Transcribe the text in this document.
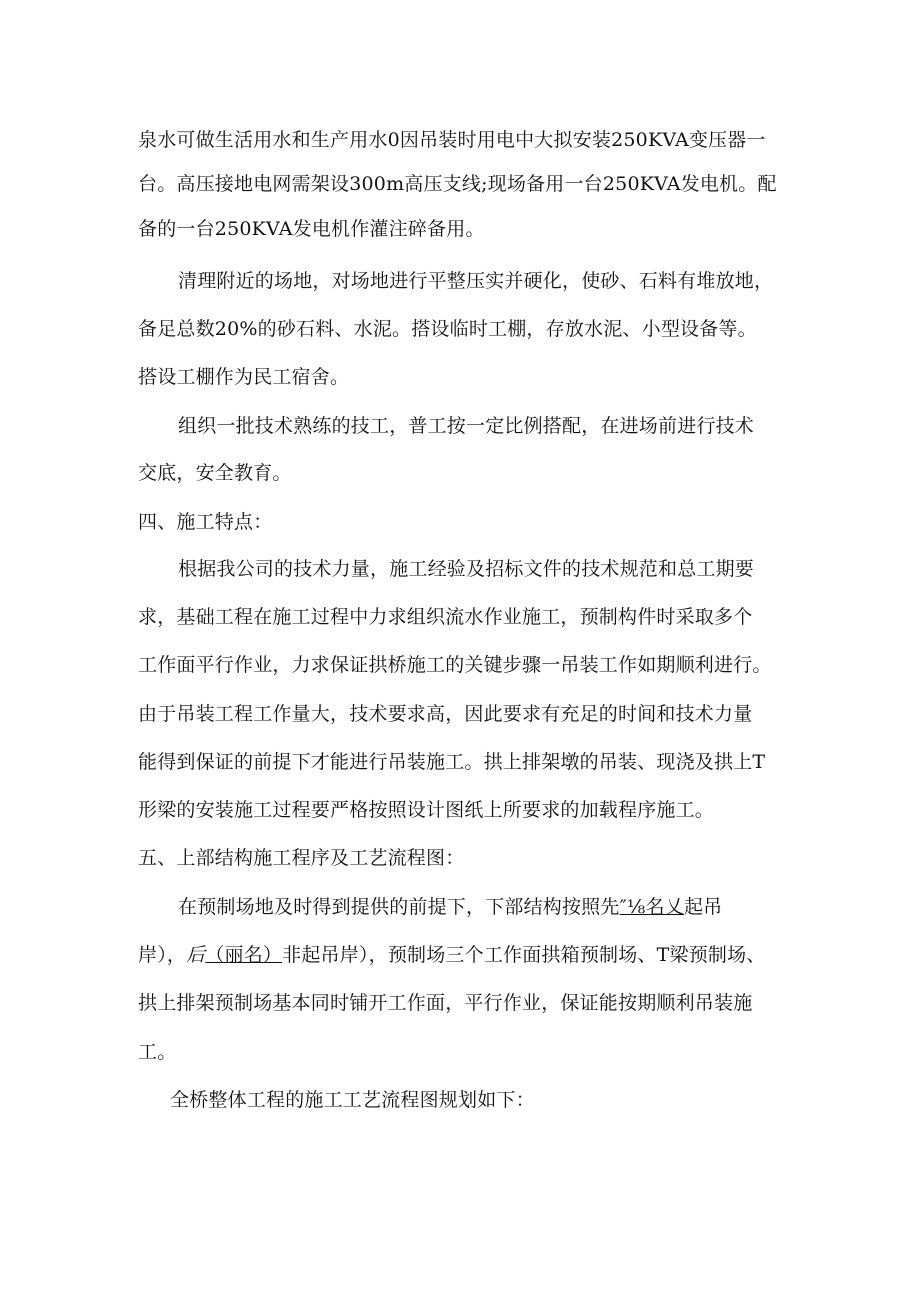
泉水可做生活用水和生产用水0因吊装时用电中大拟安装250KVA变压器一
台。高压接地电网需架设300m高压支线;现场备用一台250KVA发电机。配
备的一台250KVA发电机作灌注碎备用。
清理附近的场地，对场地进行平整压实并硬化，使砂、石料有堆放地，
备足总数20%的砂石料、水泥。搭设临时工棚，存放水泥、小型设备等。
搭设工棚作为民工宿舍。
组织一批技术熟练的技工，普工按一定比例搭配，在进场前进行技术
交底，安全教育。
四、施工特点：
根据我公司的技术力量，施工经验及招标文件的技术规范和总工期要
求，基础工程在施工过程中力求组织流水作业施工，预制构件时采取多个
工作面平行作业，力求保证拱桥施工的关键步骤一吊装工作如期顺利进行。
由于吊装工程工作量大，技术要求高，因此要求有充足的时间和技术力量
能得到保证的前提下才能进行吊装施工。拱上排架墩的吊装、现浇及拱上T
形梁的安装施工过程要严格按照设计图纸上所要求的加载程序施工。
五、上部结构施工程序及工艺流程图：
在预制场地及时得到提供的前提下，下部结构按照先″⅛名乂起吊
岸），后（丽名）非起吊岸），预制场三个工作面拱箱预制场、T梁预制场、
拱上排架预制场基本同时铺开工作面，平行作业，保证能按期顺利吊装施
工。
全桥整体工程的施工工艺流程图规划如下：
